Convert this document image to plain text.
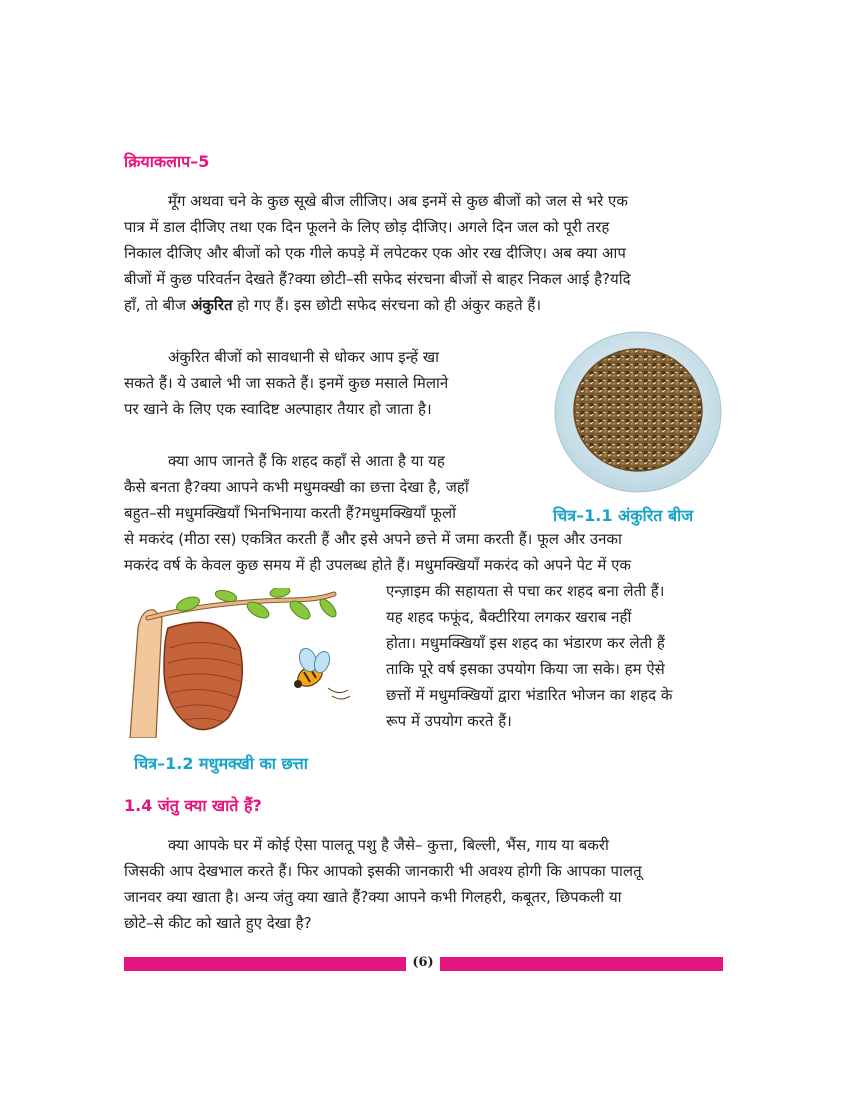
क्रियाकलाप–5
मूँग अथवा चने के कुछ सूखे बीज लीजिए। अब इनमें से कुछ बीजों को जल से भरे एक
पात्र में डाल दीजिए तथा एक दिन फूलने के लिए छोड़ दीजिए। अगले दिन जल को पूरी तरह
निकाल दीजिए और बीजों को एक गीले कपड़े में लपेटकर एक ओर रख दीजिए। अब क्या आप
बीजों में कुछ परिवर्तन देखते हैं?क्या छोटी–सी सफेद संरचना बीजों से बाहर निकल आई है?यदि
हाँ, तो बीज अंकुरित हो गए हैं। इस छोटी सफेद संरचना को ही अंकुर कहते हैं।
अंकुरित बीजों को सावधानी से धोकर आप इन्हें खा
सकते हैं। ये उबाले भी जा सकते हैं। इनमें कुछ मसाले मिलाने
पर खाने के लिए एक स्वादिष्ट अल्पाहार तैयार हो जाता है।
क्या आप जानते हैं कि शहद कहाँ से आता है या यह
कैसे बनता है?क्या आपने कभी मधुमक्खी का छत्ता देखा है, जहाँ
बहुत–सी मधुमक्खियाँ भिनभिनाया करती हैं?मधुमक्खियाँ फूलों
से मकरंद (मीठा रस) एकत्रित करती हैं और इसे अपने छत्ते में जमा करती हैं। फूल और उनका
मकरंद वर्ष के केवल कुछ समय में ही उपलब्ध होते हैं। मधुमक्खियाँ मकरंद को अपने पेट में एक
एन्ज़ाइम की सहायता से पचा कर शहद बना लेती हैं।
यह शहद फफूंद, बैक्टीरिया लगकर खराब नहीं
होता। मधुमक्खियाँ इस शहद का भंडारण कर लेती हैं
ताकि पूरे वर्ष इसका उपयोग किया जा सके। हम ऐसे
छत्तों में मधुमक्खियों द्वारा भंडारित भोजन का शहद के
रूप में उपयोग करते हैं।
चित्र–1.1 अंकुरित बीज
चित्र–1.2 मधुमक्खी का छत्ता
1.4 जंतु क्या खाते हैं?
क्या आपके घर में कोई ऐसा पालतू पशु है जैसे– कुत्ता, बिल्ली, भैंस, गाय या बकरी
जिसकी आप देखभाल करते हैं। फिर आपको इसकी जानकारी भी अवश्य होगी कि आपका पालतू
जानवर क्या खाता है। अन्य जंतु क्या खाते हैं?क्या आपने कभी गिलहरी, कबूतर, छिपकली या
छोटे–से कीट को खाते हुए देखा है?
(6)
